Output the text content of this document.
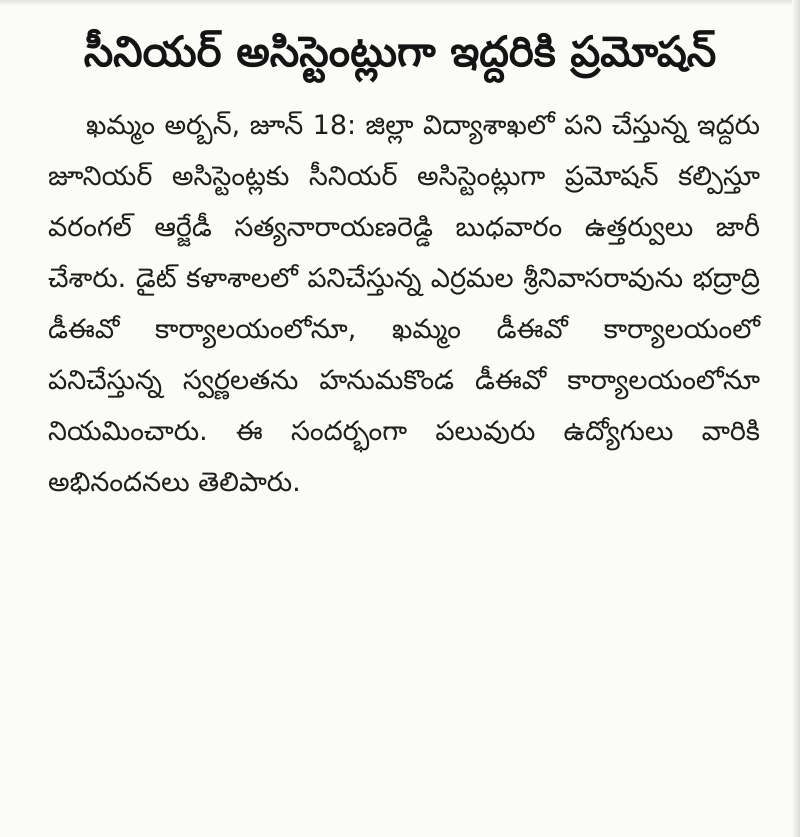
సీనియర్ అసిస్టెంట్లుగా ఇద్దరికి ప్రమోషన్

ఖమ్మం అర్బన్, జూన్ 18: జిల్లా విద్యాశాఖలో పని చేస్తున్న ఇద్దరు జూనియర్ అసిస్టెంట్లకు సీనియర్ అసిస్టెంట్లుగా ప్రమోషన్ కల్పిస్తూ వరంగల్ ఆర్జేడీ సత్యనారాయణరెడ్డి బుధవారం ఉత్తర్వులు జారీ చేశారు. డైట్ కళాశాలలో పనిచేస్తున్న ఎర్రమల శ్రీనివాసరావును భద్రాద్రి డీఈవో కార్యాలయంలోనూ, ఖమ్మం డీఈవో కార్యాలయంలో పనిచేస్తున్న స్వర్ణలతను హనుమకొండ డీఈవో కార్యాలయంలోనూ నియమించారు. ఈ సందర్భంగా పలువురు ఉద్యోగులు వారికి అభినందనలు తెలిపారు.
